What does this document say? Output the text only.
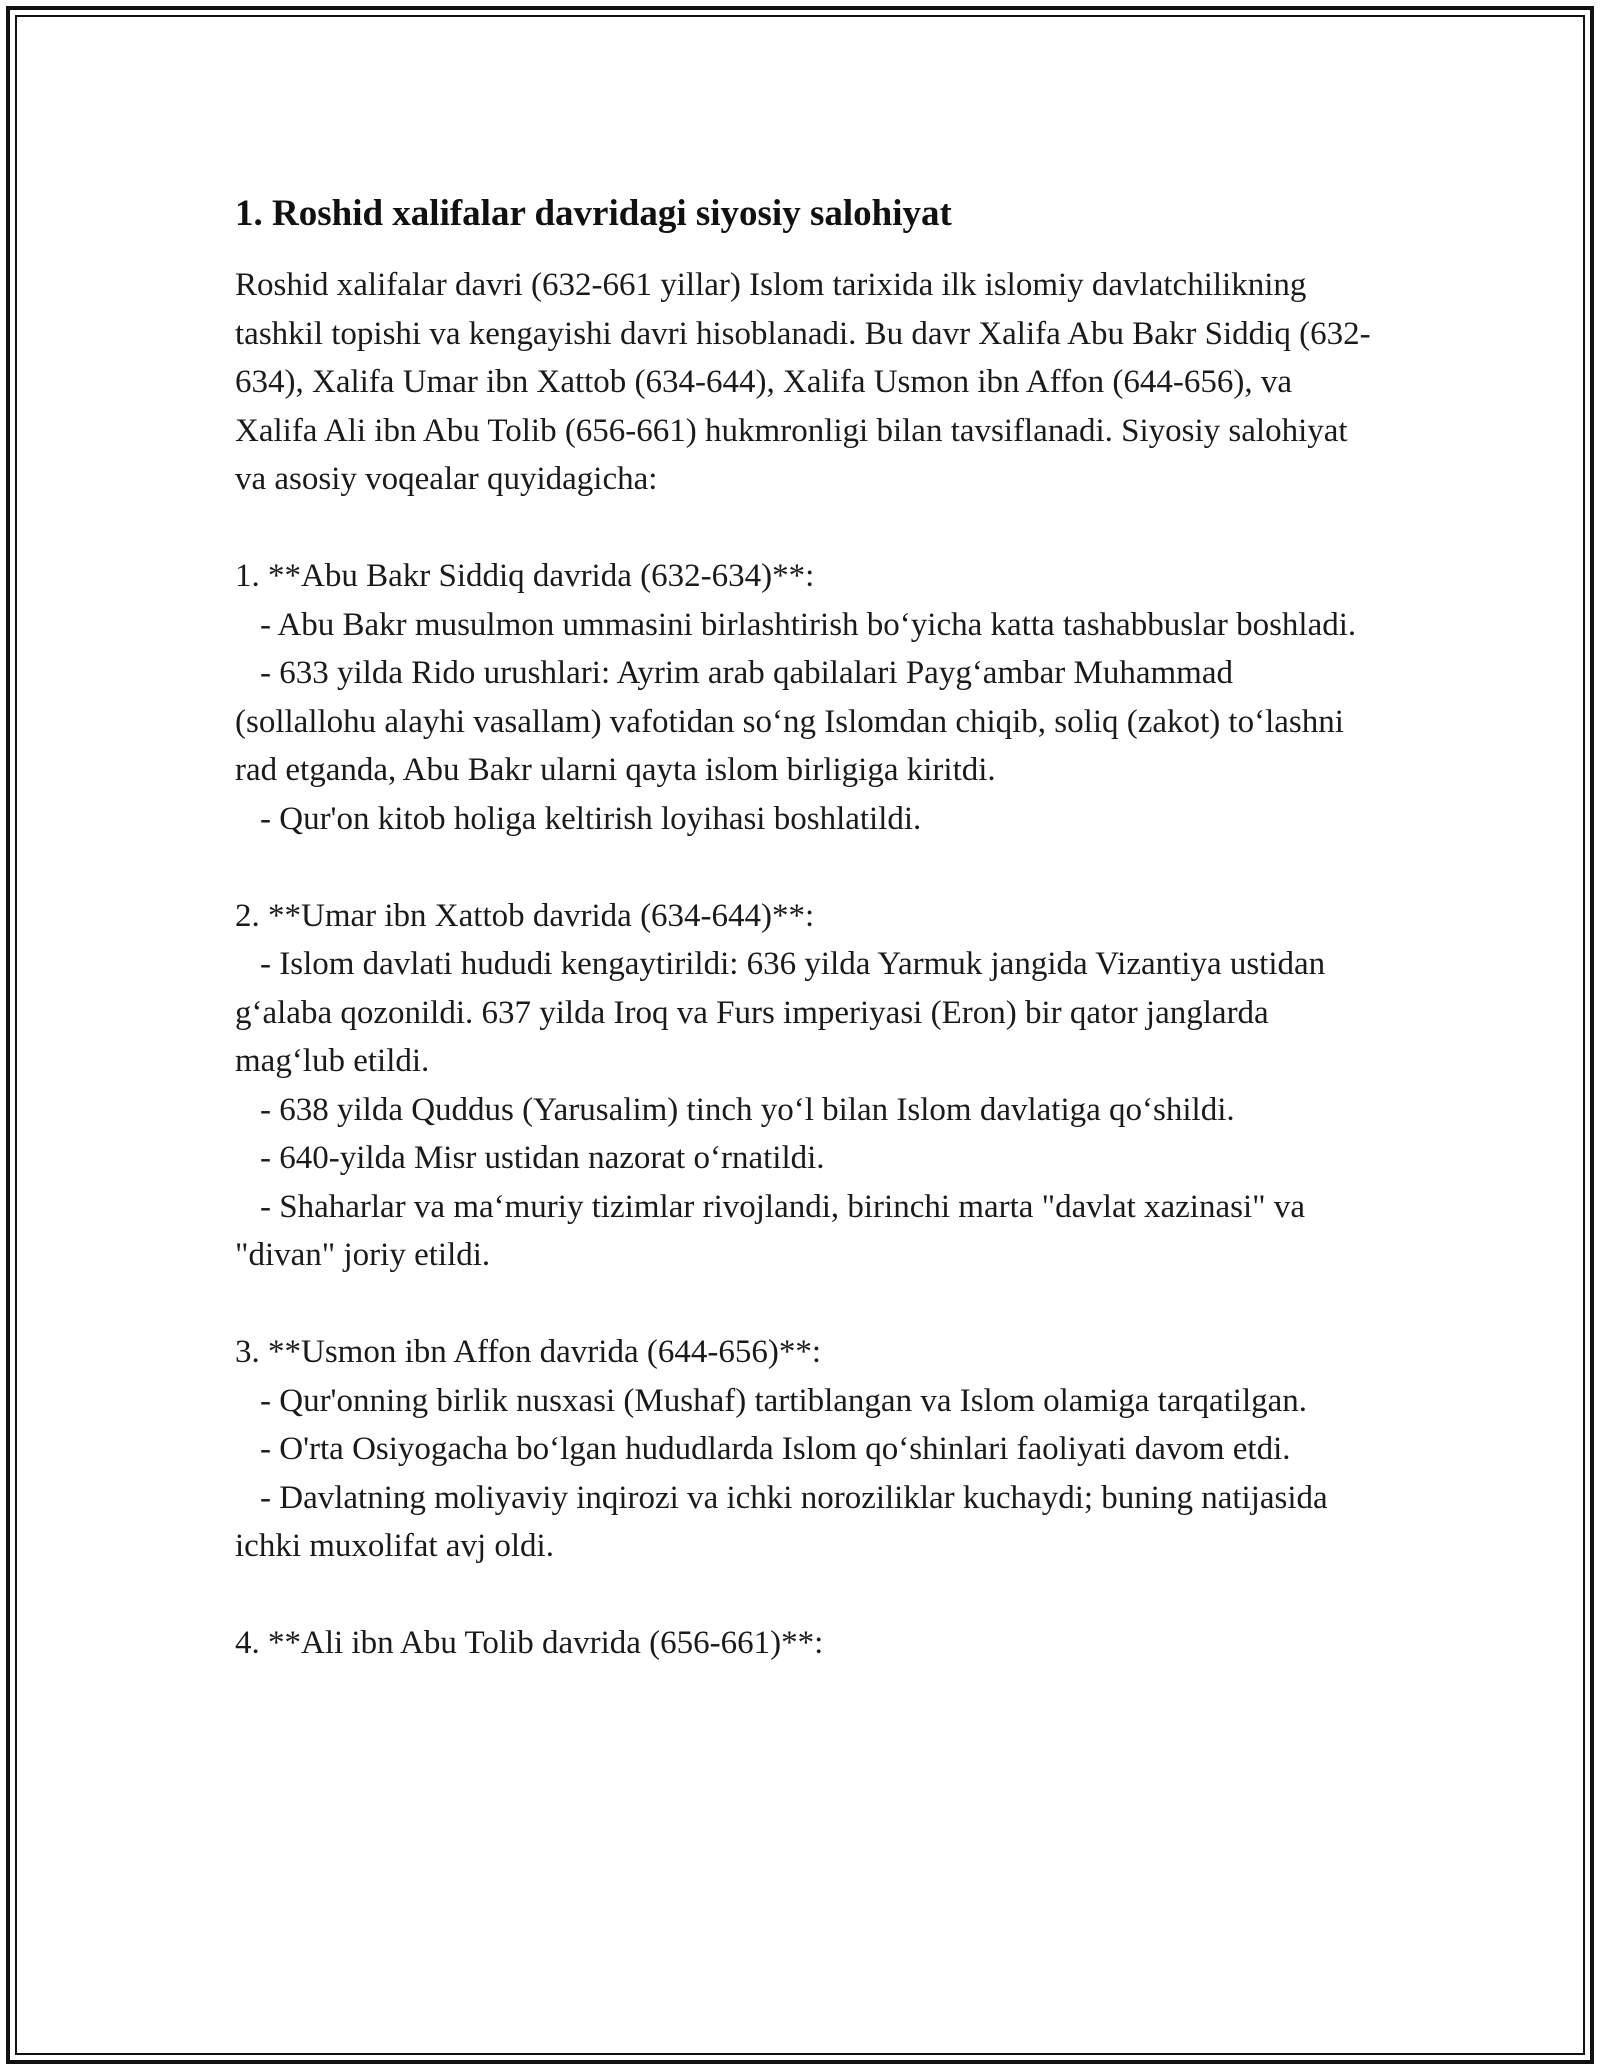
1. Roshid xalifalar davridagi siyosiy salohiyat

Roshid xalifalar davri (632-661 yillar) Islom tarixida ilk islomiy davlatchilikning tashkil topishi va kengayishi davri hisoblanadi. Bu davr Xalifa Abu Bakr Siddiq (632-634), Xalifa Umar ibn Xattob (634-644), Xalifa Usmon ibn Affon (644-656), va Xalifa Ali ibn Abu Tolib (656-661) hukmronligi bilan tavsiflanadi. Siyosiy salohiyat va asosiy voqealar quyidagicha:

1. **Abu Bakr Siddiq davrida (632-634)**:

- Abu Bakr musulmon ummasini birlashtirish bo‘yicha katta tashabbuslar boshladi.

- 633 yilda Rido urushlari: Ayrim arab qabilalari Payg‘ambar Muhammad (sollallohu alayhi vasallam) vafotidan so‘ng Islomdan chiqib, soliq (zakot) to‘lashni rad etganda, Abu Bakr ularni qayta islom birligiga kiritdi.

- Qur'on kitob holiga keltirish loyihasi boshlatildi.

2. **Umar ibn Xattob davrida (634-644)**:

- Islom davlati hududi kengaytirildi: 636 yilda Yarmuk jangida Vizantiya ustidan g‘alaba qozonildi. 637 yilda Iroq va Furs imperiyasi (Eron) bir qator janglarda mag‘lub etildi.

- 638 yilda Quddus (Yarusalim) tinch yo‘l bilan Islom davlatiga qo‘shildi.

- 640-yilda Misr ustidan nazorat o‘rnatildi.

- Shaharlar va ma‘muriy tizimlar rivojlandi, birinchi marta "davlat xazinasi" va "divan" joriy etildi.

3. **Usmon ibn Affon davrida (644-656)**:

- Qur'onning birlik nusxasi (Mushaf) tartiblangan va Islom olamiga tarqatilgan.

- O'rta Osiyogacha bo‘lgan hududlarda Islom qo‘shinlari faoliyati davom etdi.

- Davlatning moliyaviy inqirozi va ichki noroziliklar kuchaydi; buning natijasida ichki muxolifat avj oldi.

4. **Ali ibn Abu Tolib davrida (656-661)**:
